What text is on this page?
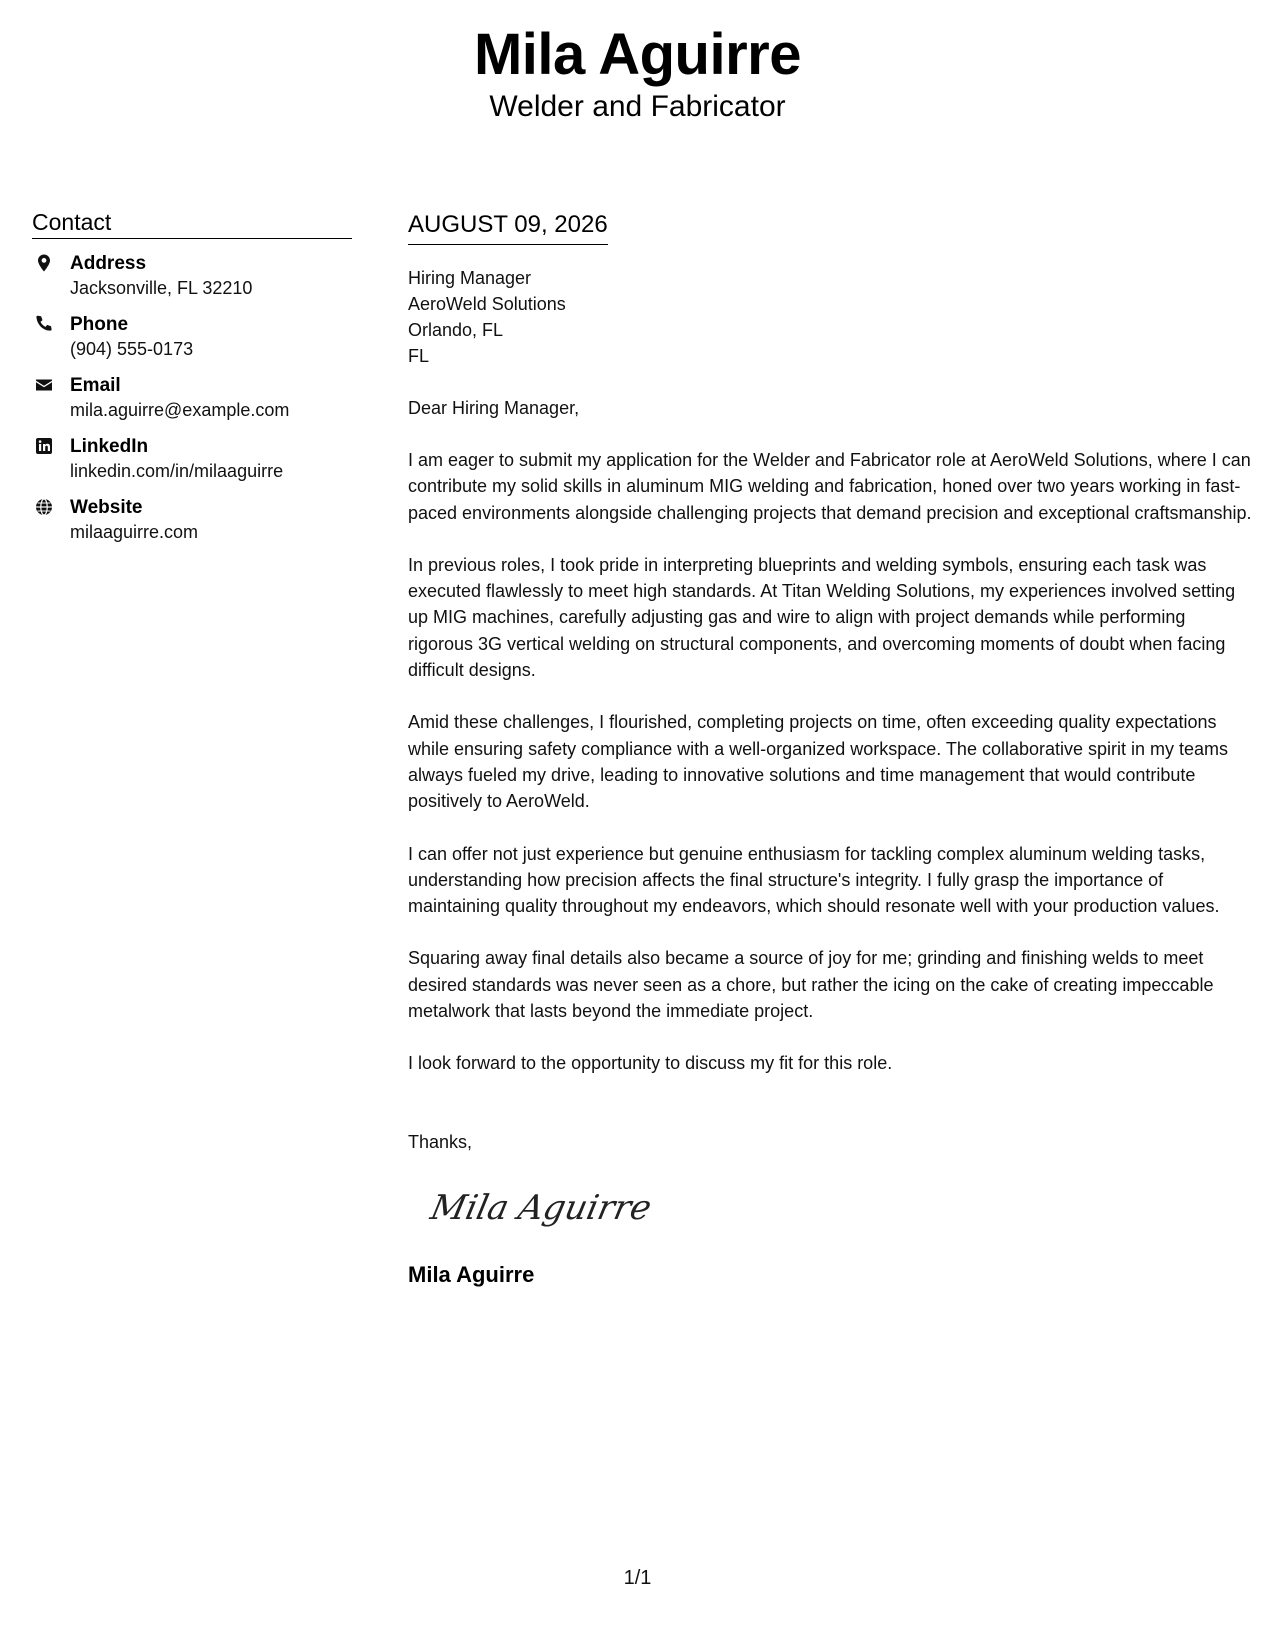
Mila Aguirre
Welder and Fabricator
Contact
Address
Jacksonville, FL 32210
Phone
(904) 555-0173
Email
mila.aguirre@example.com
LinkedIn
linkedin.com/in/milaaguirre
Website
milaaguirre.com
AUGUST 09, 2026
Hiring Manager
AeroWeld Solutions
Orlando, FL
FL
Dear Hiring Manager,
I am eager to submit my application for the Welder and Fabricator role at AeroWeld Solutions, where I can contribute my solid skills in aluminum MIG welding and fabrication, honed over two years working in fast-paced environments alongside challenging projects that demand precision and exceptional craftsmanship.
In previous roles, I took pride in interpreting blueprints and welding symbols, ensuring each task was executed flawlessly to meet high standards. At Titan Welding Solutions, my experiences involved setting up MIG machines, carefully adjusting gas and wire to align with project demands while performing rigorous 3G vertical welding on structural components, and overcoming moments of doubt when facing difficult designs.
Amid these challenges, I flourished, completing projects on time, often exceeding quality expectations while ensuring safety compliance with a well-organized workspace. The collaborative spirit in my teams always fueled my drive, leading to innovative solutions and time management that would contribute positively to AeroWeld.
I can offer not just experience but genuine enthusiasm for tackling complex aluminum welding tasks, understanding how precision affects the final structure's integrity. I fully grasp the importance of maintaining quality throughout my endeavors, which should resonate well with your production values.
Squaring away final details also became a source of joy for me; grinding and finishing welds to meet desired standards was never seen as a chore, but rather the icing on the cake of creating impeccable metalwork that lasts beyond the immediate project.
I look forward to the opportunity to discuss my fit for this role.
Thanks,
Mila Aguirre
Mila Aguirre
1/1
